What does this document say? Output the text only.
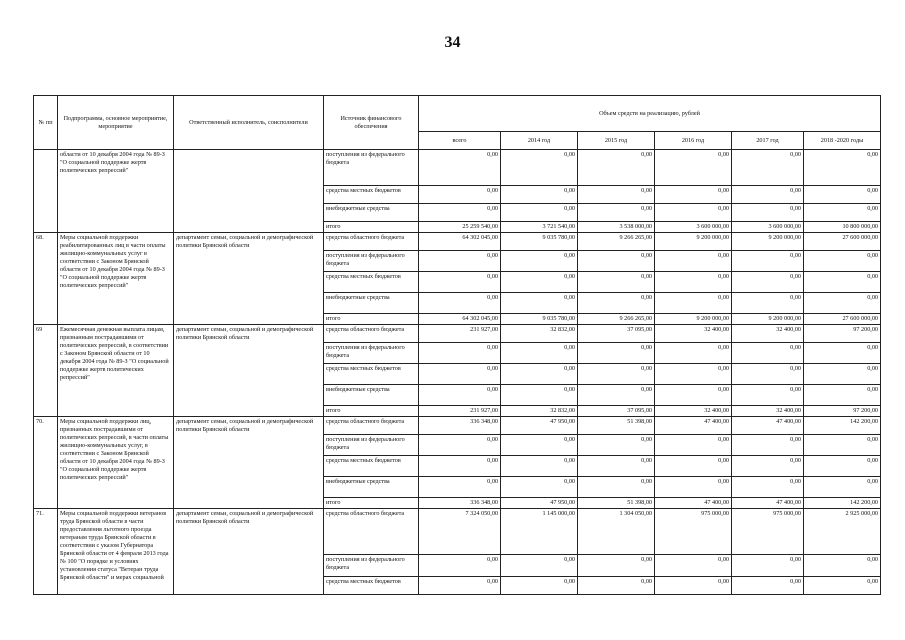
34
№ пп	Подпрограмма, основное мероприятие, мероприятие	Ответственный исполнитель, соисполнители	Источник финансового обеспечения	Объем средств на реализацию, рублей					
				всего	2014 год	2015 год	2016 год	2017 год	2018 -2020 годы
	области от 10 декабря 2004 года № 89-З "О социальной поддержке жертв политических репрессий"		поступления из федерального бюджета	0,00	0,00	0,00	0,00	0,00	0,00
			средства местных бюджетов	0,00	0,00	0,00	0,00	0,00	0,00
			внебюджетные средства	0,00	0,00	0,00	0,00	0,00	0,00
			итого	25 259 540,00	3 721 540,00	3 538 000,00	3 600 000,00	3 600 000,00	10 800 000,00
68.	Меры социальной поддержки реабилитированных лиц в части оплаты жилищно-коммунальных услуг в соответствии с Законом Брянской области от 10 декабря 2004 года № 89-З "О социальной поддержке жертв политических репрессий"	департамент семьи, социальной и демографической политики Брянской области	средства областного бюджета	64 302 045,00	9 035 780,00	9 266 265,00	9 200 000,00	9 200 000,00	27 600 000,00
			поступления из федерального бюджета	0,00	0,00	0,00	0,00	0,00	0,00
			средства местных бюджетов	0,00	0,00	0,00	0,00	0,00	0,00
			внебюджетные средства	0,00	0,00	0,00	0,00	0,00	0,00
			итого	64 302 045,00	9 035 780,00	9 266 265,00	9 200 000,00	9 200 000,00	27 600 000,00
69	Ежемесячная денежная выплата лицам, признанным пострадавшими от политических репрессий, в соответствии с Законом Брянской области от 10 декабря 2004 года № 89-З "О социальной поддержке жертв политических репрессий"	департамент семьи, социальной и демографической политики Брянской области	средства областного бюджета	231 927,00	32 832,00	37 095,00	32 400,00	32 400,00	97 200,00
			поступления из федерального бюджета	0,00	0,00	0,00	0,00	0,00	0,00
			средства местных бюджетов	0,00	0,00	0,00	0,00	0,00	0,00
			внебюджетные средства	0,00	0,00	0,00	0,00	0,00	0,00
			итого	231 927,00	32 832,00	37 095,00	32 400,00	32 400,00	97 200,00
70.	Меры социальной поддержки лиц, признанных пострадавшими от политических репрессий, в части оплаты жилищно-коммунальных услуг, в соответствии с Законом Брянской области от 10 декабря 2004 года № 89-З "О социальной поддержке жертв политических репрессий"	департамент семьи, социальной и демографической политики Брянской области	средства областного бюджета	336 348,00	47 950,00	51 398,00	47 400,00	47 400,00	142 200,00
			поступления из федерального бюджета	0,00	0,00	0,00	0,00	0,00	0,00
			средства местных бюджетов	0,00	0,00	0,00	0,00	0,00	0,00
			внебюджетные средства	0,00	0,00	0,00	0,00	0,00	0,00
			итого	336 348,00	47 950,00	51 398,00	47 400,00	47 400,00	142 200,00
71.	Меры социальной поддержки ветеранов труда Брянской области в части предоставления льготного проезда ветеранам труда Брянской области в соответствии с указом Губернатора Брянской области от 4 февраля 2013 года № 100 "О порядке и условиях установления статуса "Ветеран труда Брянской области" и мерах социальной	департамент семьи, социальной и демографической политики Брянской области	средства областного бюджета	7 324 050,00	1 145 000,00	1 304 050,00	975 000,00	975 000,00	2 925 000,00
			поступления из федерального бюджета	0,00	0,00	0,00	0,00	0,00	0,00
			средства местных бюджетов	0,00	0,00	0,00	0,00	0,00	0,00
